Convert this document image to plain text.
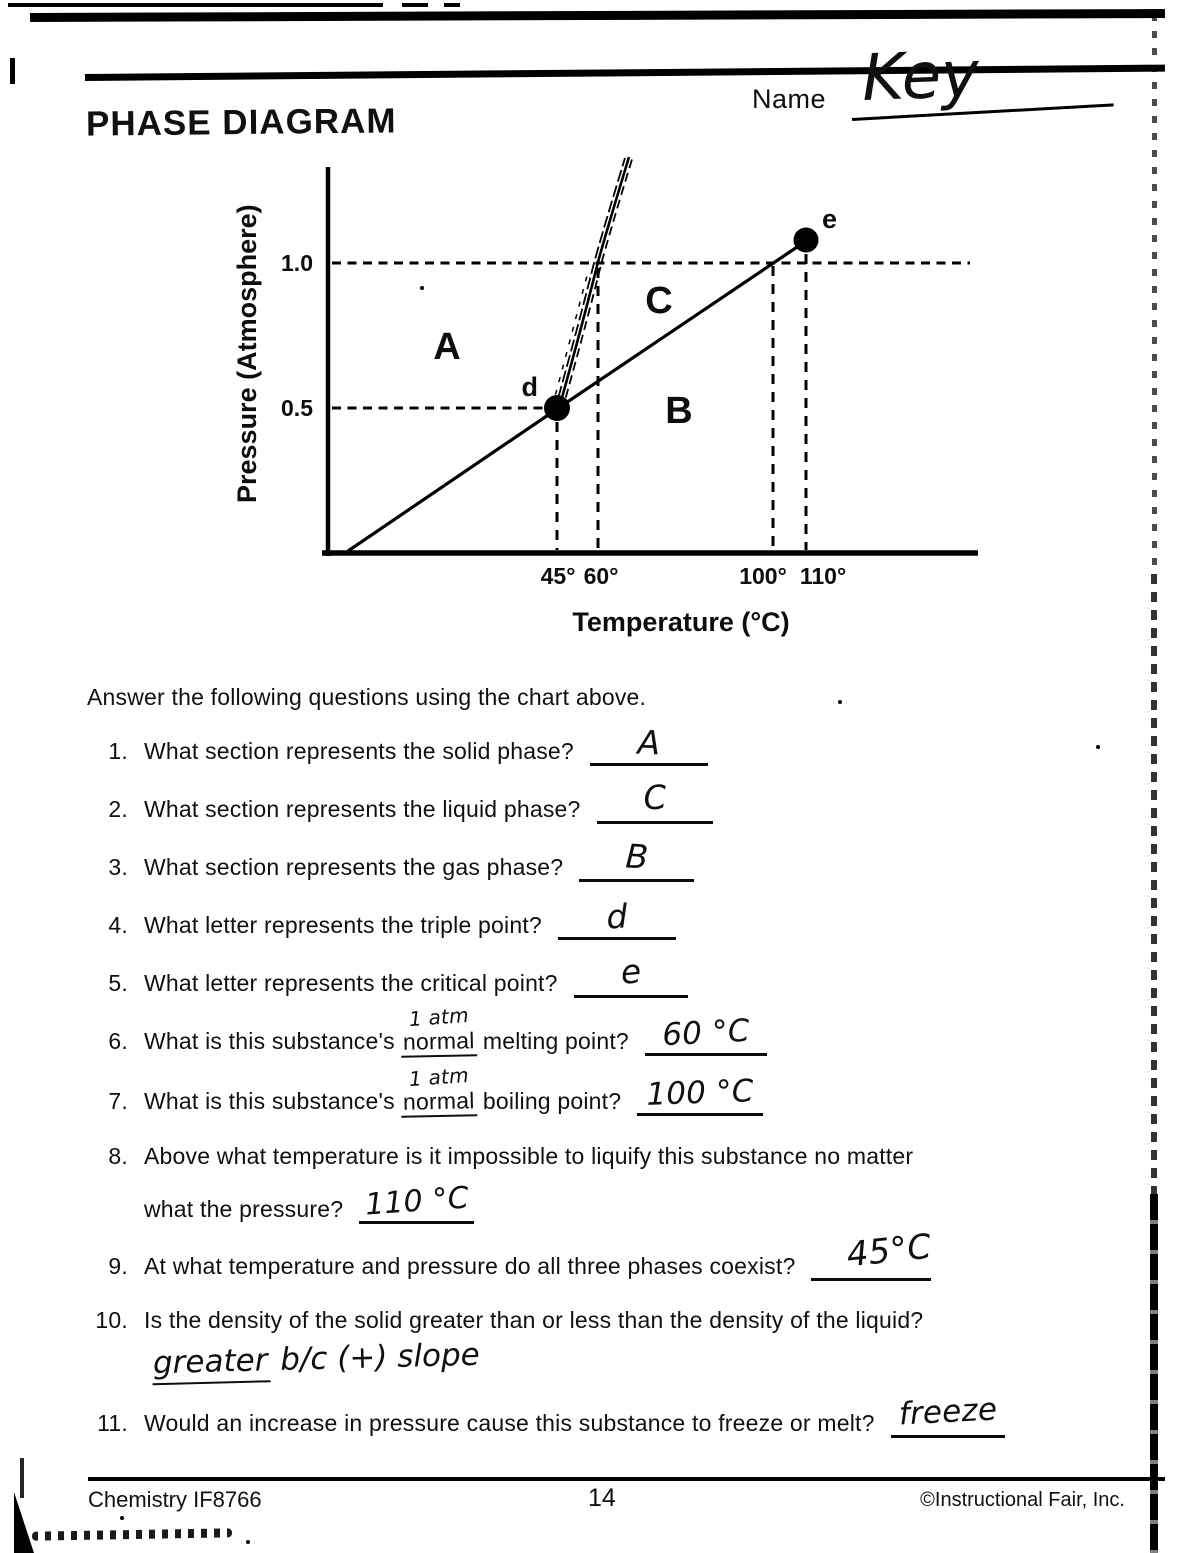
PHASE DIAGRAM
Name Key
d
e
A
C
B
1.0
0.5
45° 60°	100° 110°
Temperature (°C)
Pressure (Atmosphere)
Answer the following questions using the chart above.
1. What section represents the solid phase? A
2. What section represents the liquid phase? C
3. What section represents the gas phase? B
4. What letter represents the triple point? d
5. What letter represents the critical point? e
6. What is this substance's
1 atm
normal melting point? 60 °C
7. What is this substance's
1 atm
normal boiling point? 100 °C
8. Above what temperature is it impossible to liquify this substance no matter
what the pressure? 110 °C
9. At what temperature and pressure do all three phases coexist? 45°C
10. Is the density of the solid greater than or less than the density of the liquid?
greater b/c (+) slope
11. Would an increase in pressure cause this substance to freeze or melt? freeze
Chemistry IF8766	14	©Instructional Fair, Inc.
